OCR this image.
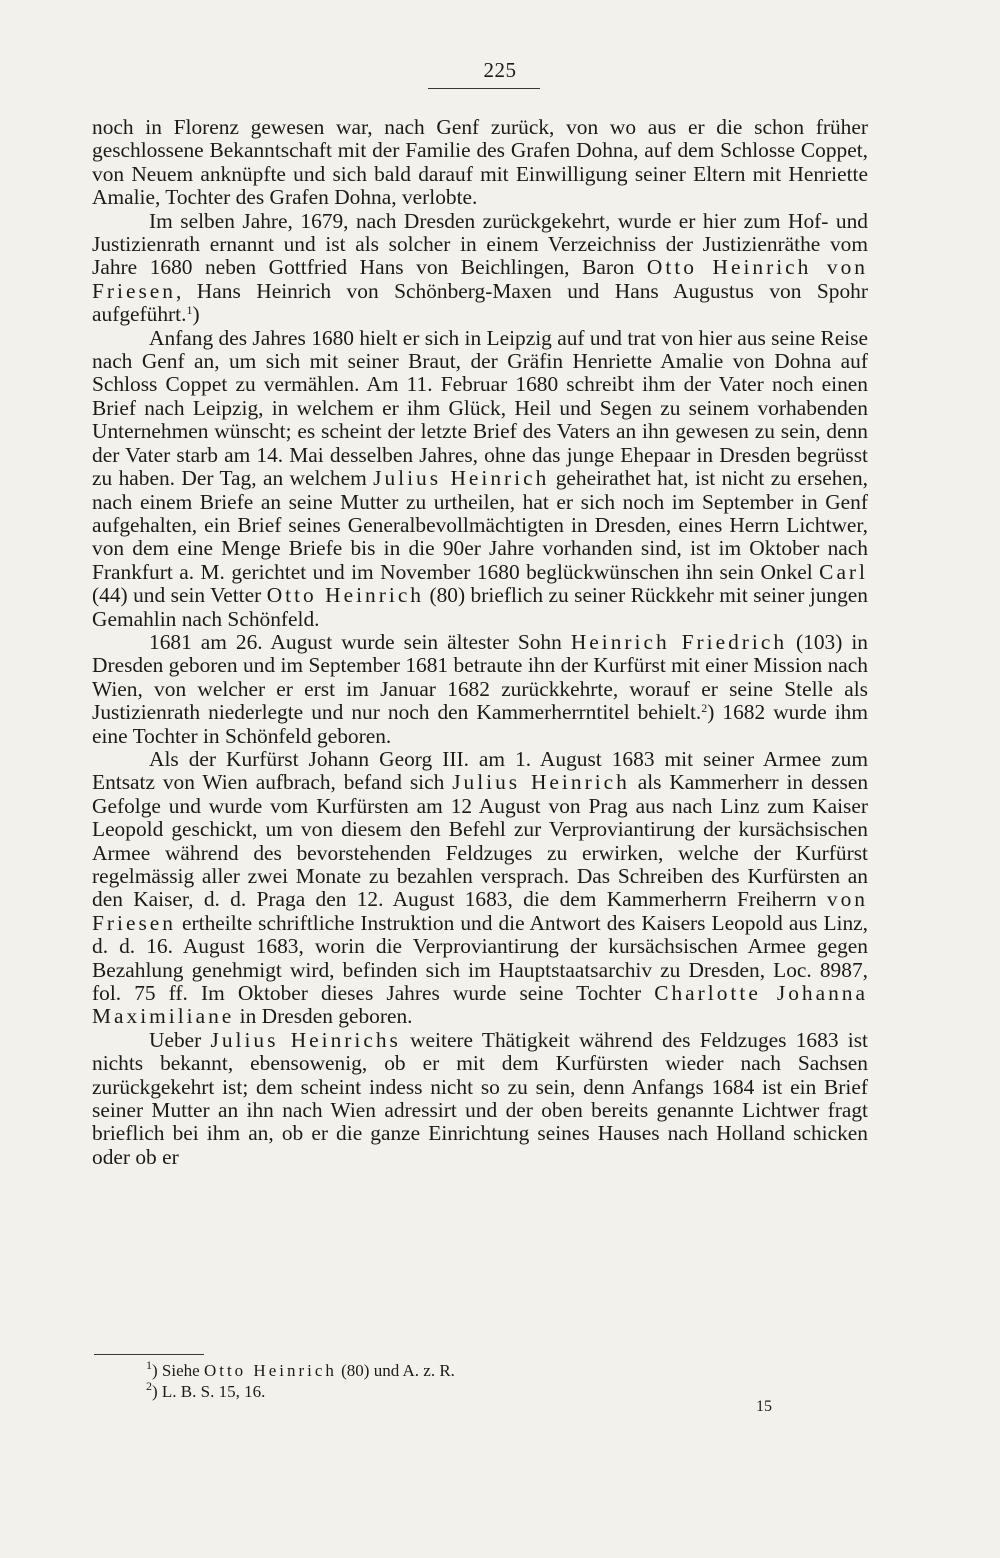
225

noch in Florenz gewesen war, nach Genf zurück, von wo aus er die schon früher geschlossene Bekanntschaft mit der Familie des Grafen Dohna, auf dem Schlosse Coppet, von Neuem anknüpfte und sich bald darauf mit Einwilligung seiner Eltern mit Henriette Amalie, Tochter des Grafen Dohna, verlobte.

Im selben Jahre, 1679, nach Dresden zurückgekehrt, wurde er hier zum Hof- und Justizienrath ernannt und ist als solcher in einem Verzeichniss der Justizienräthe vom Jahre 1680 neben Gottfried Hans von Beichlingen, Baron Otto Heinrich von Friesen, Hans Heinrich von Schönberg-Maxen und Hans Augustus von Spohr aufgeführt.$^1$)

Anfang des Jahres 1680 hielt er sich in Leipzig auf und trat von hier aus seine Reise nach Genf an, um sich mit seiner Braut, der Gräfin Henriette Amalie von Dohna auf Schloss Coppet zu vermählen. Am 11. Februar 1680 schreibt ihm der Vater noch einen Brief nach Leipzig, in welchem er ihm Glück, Heil und Segen zu seinem vorhabenden Unternehmen wünscht; es scheint der letzte Brief des Vaters an ihn gewesen zu sein, denn der Vater starb am 14. Mai desselben Jahres, ohne das junge Ehepaar in Dresden begrüsst zu haben. Der Tag, an welchem Julius Heinrich geheirathet hat, ist nicht zu ersehen, nach einem Briefe an seine Mutter zu urtheilen, hat er sich noch im September in Genf aufgehalten, ein Brief seines Generalbevollmächtigten in Dresden, eines Herrn Lichtwer, von dem eine Menge Briefe bis in die 90er Jahre vorhanden sind, ist im Oktober nach Frankfurt a. M. gerichtet und im November 1680 beglückwünschen ihn sein Onkel Carl (44) und sein Vetter Otto Heinrich (80) brieflich zu seiner Rückkehr mit seiner jungen Gemahlin nach Schönfeld.

1681 am 26. August wurde sein ältester Sohn Heinrich Friedrich (103) in Dresden geboren und im September 1681 betraute ihn der Kurfürst mit einer Mission nach Wien, von welcher er erst im Januar 1682 zurückkehrte, worauf er seine Stelle als Justizienrath niederlegte und nur noch den Kammerherrntitel behielt.$^2$) 1682 wurde ihm eine Tochter in Schönfeld geboren.

Als der Kurfürst Johann Georg III. am 1. August 1683 mit seiner Armee zum Entsatz von Wien aufbrach, befand sich Julius Heinrich als Kammerherr in dessen Gefolge und wurde vom Kurfürsten am 12 August von Prag aus nach Linz zum Kaiser Leopold geschickt, um von diesem den Befehl zur Verproviantirung der kursächsischen Armee während des bevorstehenden Feldzuges zu erwirken, welche der Kurfürst regelmässig aller zwei Monate zu bezahlen versprach. Das Schreiben des Kurfürsten an den Kaiser, d. d. Praga den 12. August 1683, die dem Kammerherrn Freiherrn von Friesen ertheilte schriftliche Instruktion und die Antwort des Kaisers Leopold aus Linz, d. d. 16. August 1683, worin die Verproviantirung der kursächsischen Armee gegen Bezahlung genehmigt wird, befinden sich im Hauptstaatsarchiv zu Dresden, Loc. 8987, fol. 75 ff. Im Oktober dieses Jahres wurde seine Tochter Charlotte Johanna Maximiliane in Dresden geboren.

Ueber Julius Heinrichs weitere Thätigkeit während des Feldzuges 1683 ist nichts bekannt, ebensowenig, ob er mit dem Kurfürsten wieder nach Sachsen zurückgekehrt ist; dem scheint indess nicht so zu sein, denn Anfangs 1684 ist ein Brief seiner Mutter an ihn nach Wien adressirt und der oben bereits genannte Lichtwer fragt brieflich bei ihm an, ob er die ganze Einrichtung seines Hauses nach Holland schicken oder ob er

$^1$) Siehe Otto Heinrich (80) und A. z. R.

$^2$) L. B. S. 15, 16.

15
